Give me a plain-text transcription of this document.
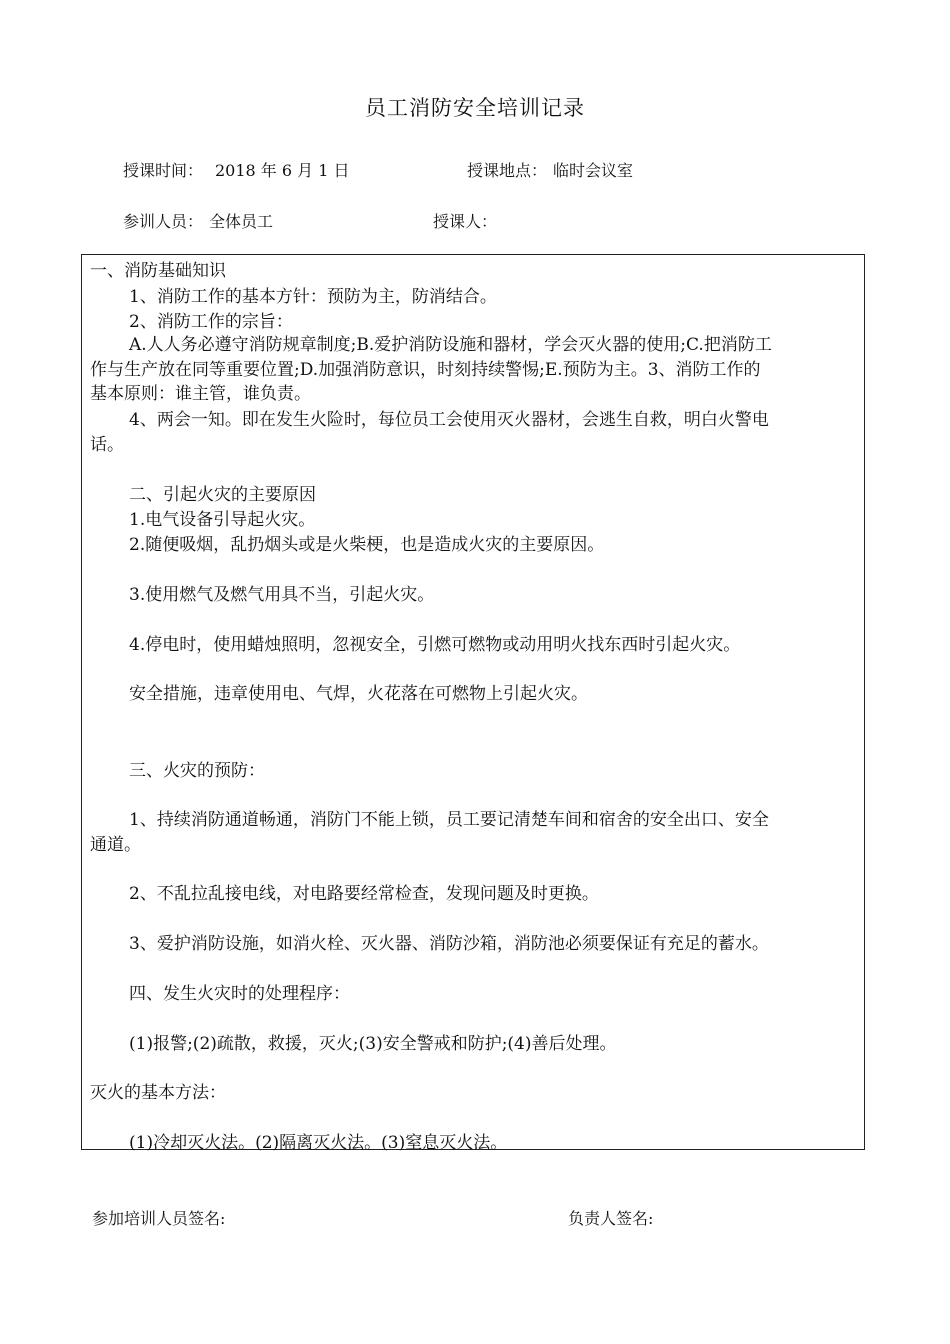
员工消防安全培训记录
授课时间： 2018 年 6 月 1 日	授课地点： 临时会议室
参训人员： 全体员工	授课人：
一、消防基础知识
1、消防工作的基本方针：预防为主，防消结合。
2、消防工作的宗旨：
A.人人务必遵守消防规章制度;B.爱护消防设施和器材，学会灭火器的使用;C.把消防工
作与生产放在同等重要位置;D.加强消防意识，时刻持续警惕;E.预防为主。3、消防工作的
基本原则：谁主管，谁负责。
4、两会一知。即在发生火险时，每位员工会使用灭火器材，会逃生自救，明白火警电
话。
二、引起火灾的主要原因
1.电气设备引导起火灾。
2.随便吸烟，乱扔烟头或是火柴梗，也是造成火灾的主要原因。
3.使用燃气及燃气用具不当，引起火灾。
4.停电时，使用蜡烛照明，忽视安全，引燃可燃物或动用明火找东西时引起火灾。
安全措施，违章使用电、气焊，火花落在可燃物上引起火灾。
三、火灾的预防：
1、持续消防通道畅通，消防门不能上锁，员工要记清楚车间和宿舍的安全出口、安全
通道。
2、不乱拉乱接电线，对电路要经常检查，发现问题及时更换。
3、爱护消防设施，如消火栓、灭火器、消防沙箱，消防池必须要保证有充足的蓄水。
四、发生火灾时的处理程序：
(1)报警;(2)疏散，救援，灭火;(3)安全警戒和防护;(4)善后处理。
灭火的基本方法：
(1)冷却灭火法。(2)隔离灭火法。(3)窒息灭火法。
参加培训人员签名:	负责人签名:
